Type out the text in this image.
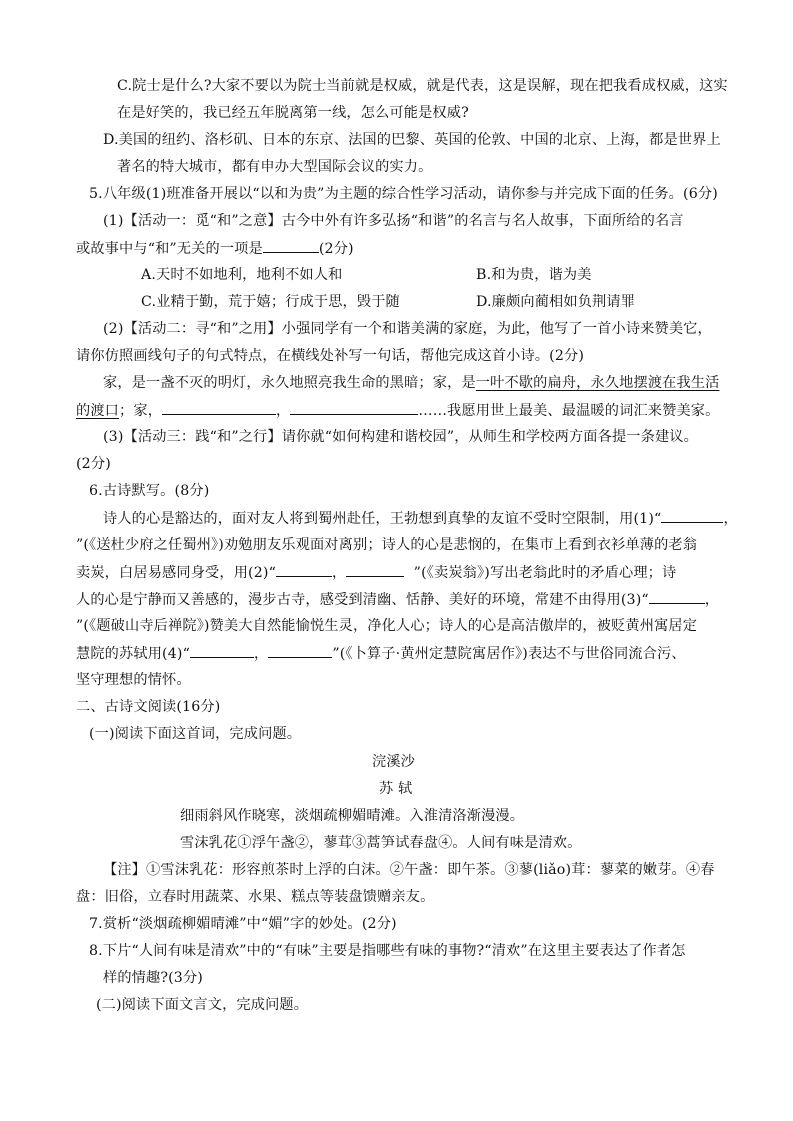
C.院士是什么?大家不要以为院士当前就是权威，就是代表，这是误解，现在把我看成权威，这实
在是好笑的，我已经五年脱离第一线，怎么可能是权威?
D.美国的纽约、洛杉矶、日本的东京、法国的巴黎、英国的伦敦、中国的北京、上海，都是世界上
著名的特大城市，都有申办大型国际会议的实力。
5.八年级(1)班准备开展以“以和为贵”为主题的综合性学习活动，请你参与并完成下面的任务。(6分)
(1)【活动一：觅“和”之意】古今中外有许多弘扬“和谐”的名言与名人故事，下面所给的名言
或故事中与“和”无关的一项是	(2分)
A.天时不如地利，地利不如人和	B.和为贵，谐为美
C.业精于勤，荒于嬉；行成于思，毁于随	D.廉颇向蔺相如负荆请罪
(2)【活动二：寻“和”之用】小强同学有一个和谐美满的家庭，为此，他写了一首小诗来赞美它，
请你仿照画线句子的句式特点，在横线处补写一句话，帮他完成这首小诗。(2分)
家，是一盏不灭的明灯，永久地照亮我生命的黑暗；家，是一叶不歇的扁舟，永久地摆渡在我生活
的渡口；家，	，	……我愿用世上最美、最温暖的词汇来赞美家。
(3)【活动三：践“和”之行】请你就“如何构建和谐校园”，从师生和学校两方面各提一条建议。
(2分)
6.古诗默写。(8分)
诗人的心是豁达的，面对友人将到蜀州赴任，王勃想到真挚的友谊不受时空限制，用(1)“	，
”(《送杜少府之任蜀州》)劝勉朋友乐观面对离别；诗人的心是悲悯的，在集市上看到衣衫单薄的老翁
卖炭，白居易感同身受，用(2)“	，	”(《卖炭翁》)写出老翁此时的矛盾心理；诗
人的心是宁静而又善感的，漫步古寺，感受到清幽、恬静、美好的环境，常建不由得用(3)“	，
”(《题破山寺后禅院》)赞美大自然能愉悦生灵，净化人心；诗人的心是高洁傲岸的，被贬黄州寓居定
慧院的苏轼用(4)“	，	”(《卜算子·黄州定慧院寓居作》)表达不与世俗同流合污、
坚守理想的情怀。
二、古诗文阅读(16分)
(一)阅读下面这首词，完成问题。
浣溪沙
苏 轼
细雨斜风作晓寒，淡烟疏柳媚晴滩。入淮清洛渐漫漫。
雪沫乳花①浮午盏②，蓼茸③蒿笋试春盘④。人间有味是清欢。
【注】①雪沫乳花：形容煎茶时上浮的白沫。②午盏：即午茶。③蓼(liǎo)茸：蓼菜的嫩芽。④春
盘：旧俗，立春时用蔬菜、水果、糕点等装盘馈赠亲友。
7.赏析“淡烟疏柳媚晴滩”中“媚”字的妙处。(2分)
8.下片“人间有味是清欢”中的“有味”主要是指哪些有味的事物?“清欢”在这里主要表达了作者怎
样的情趣?(3分)
(二)阅读下面文言文，完成问题。
